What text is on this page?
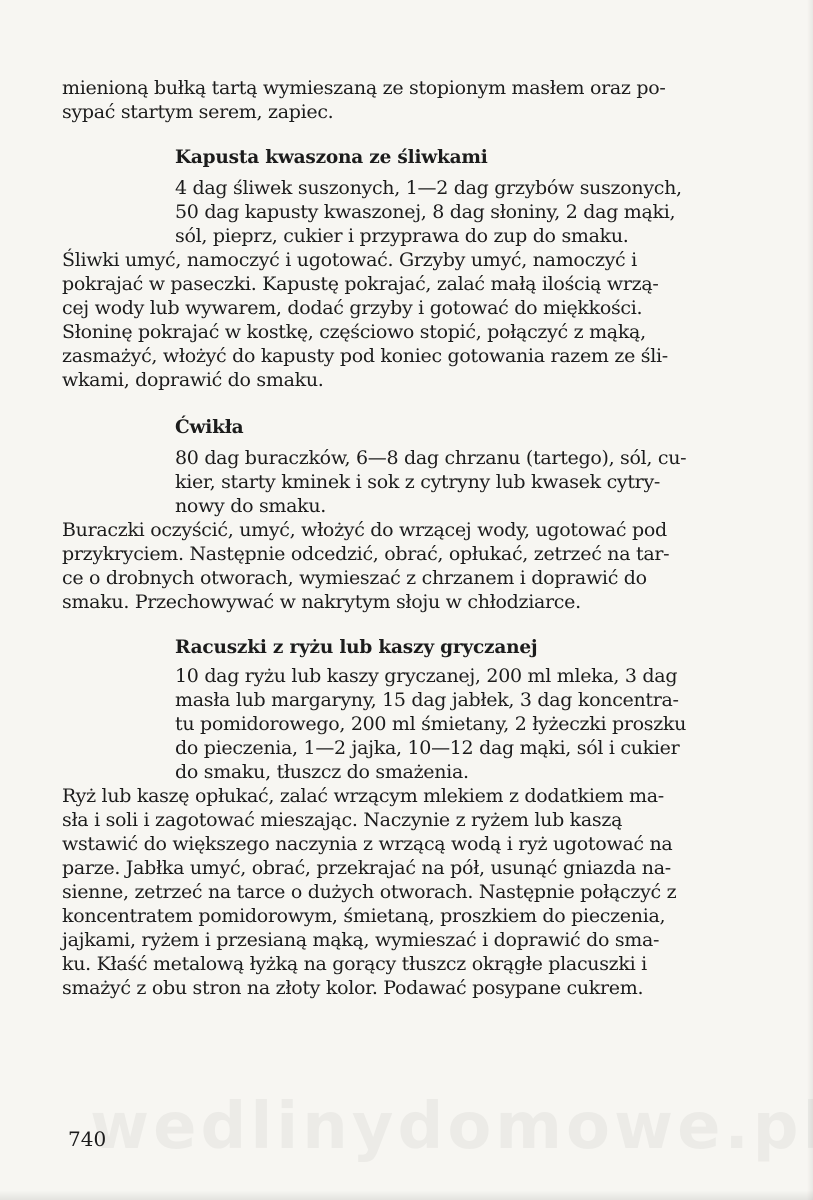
mienioną bułką tartą wymieszaną ze stopionym masłem oraz po-
sypać startym serem, zapiec.
Kapusta kwaszona ze śliwkami
4 dag śliwek suszonych, 1—2 dag grzybów suszonych,
50 dag kapusty kwaszonej, 8 dag słoniny, 2 dag mąki,
sól, pieprz, cukier i przyprawa do zup do smaku.
Śliwki umyć, namoczyć i ugotować. Grzyby umyć, namoczyć i
pokrajać w paseczki. Kapustę pokrajać, zalać małą ilością wrzą-
cej wody lub wywarem, dodać grzyby i gotować do miękkości.
Słoninę pokrajać w kostkę, częściowo stopić, połączyć z mąką,
zasmażyć, włożyć do kapusty pod koniec gotowania razem ze śli-
wkami, doprawić do smaku.
Ćwikła
80 dag buraczków, 6—8 dag chrzanu (tartego), sól, cu-
kier, starty kminek i sok z cytryny lub kwasek cytry-
nowy do smaku.
Buraczki oczyścić, umyć, włożyć do wrzącej wody, ugotować pod
przykryciem. Następnie odcedzić, obrać, opłukać, zetrzeć na tar-
ce o drobnych otworach, wymieszać z chrzanem i doprawić do
smaku. Przechowywać w nakrytym słoju w chłodziarce.
Racuszki z ryżu lub kaszy gryczanej
10 dag ryżu lub kaszy gryczanej, 200 ml mleka, 3 dag
masła lub margaryny, 15 dag jabłek, 3 dag koncentra-
tu pomidorowego, 200 ml śmietany, 2 łyżeczki proszku
do pieczenia, 1—2 jajka, 10—12 dag mąki, sól i cukier
do smaku, tłuszcz do smażenia.
Ryż lub kaszę opłukać, zalać wrzącym mlekiem z dodatkiem ma-
sła i soli i zagotować mieszając. Naczynie z ryżem lub kaszą
wstawić do większego naczynia z wrzącą wodą i ryż ugotować na
parze. Jabłka umyć, obrać, przekrajać na pół, usunąć gniazda na-
sienne, zetrzeć na tarce o dużych otworach. Następnie połączyć z
koncentratem pomidorowym, śmietaną, proszkiem do pieczenia,
jajkami, ryżem i przesianą mąką, wymieszać i doprawić do sma-
ku. Kłaść metalową łyżką na gorący tłuszcz okrągłe placuszki i
smażyć z obu stron na złoty kolor. Podawać posypane cukrem.
740
